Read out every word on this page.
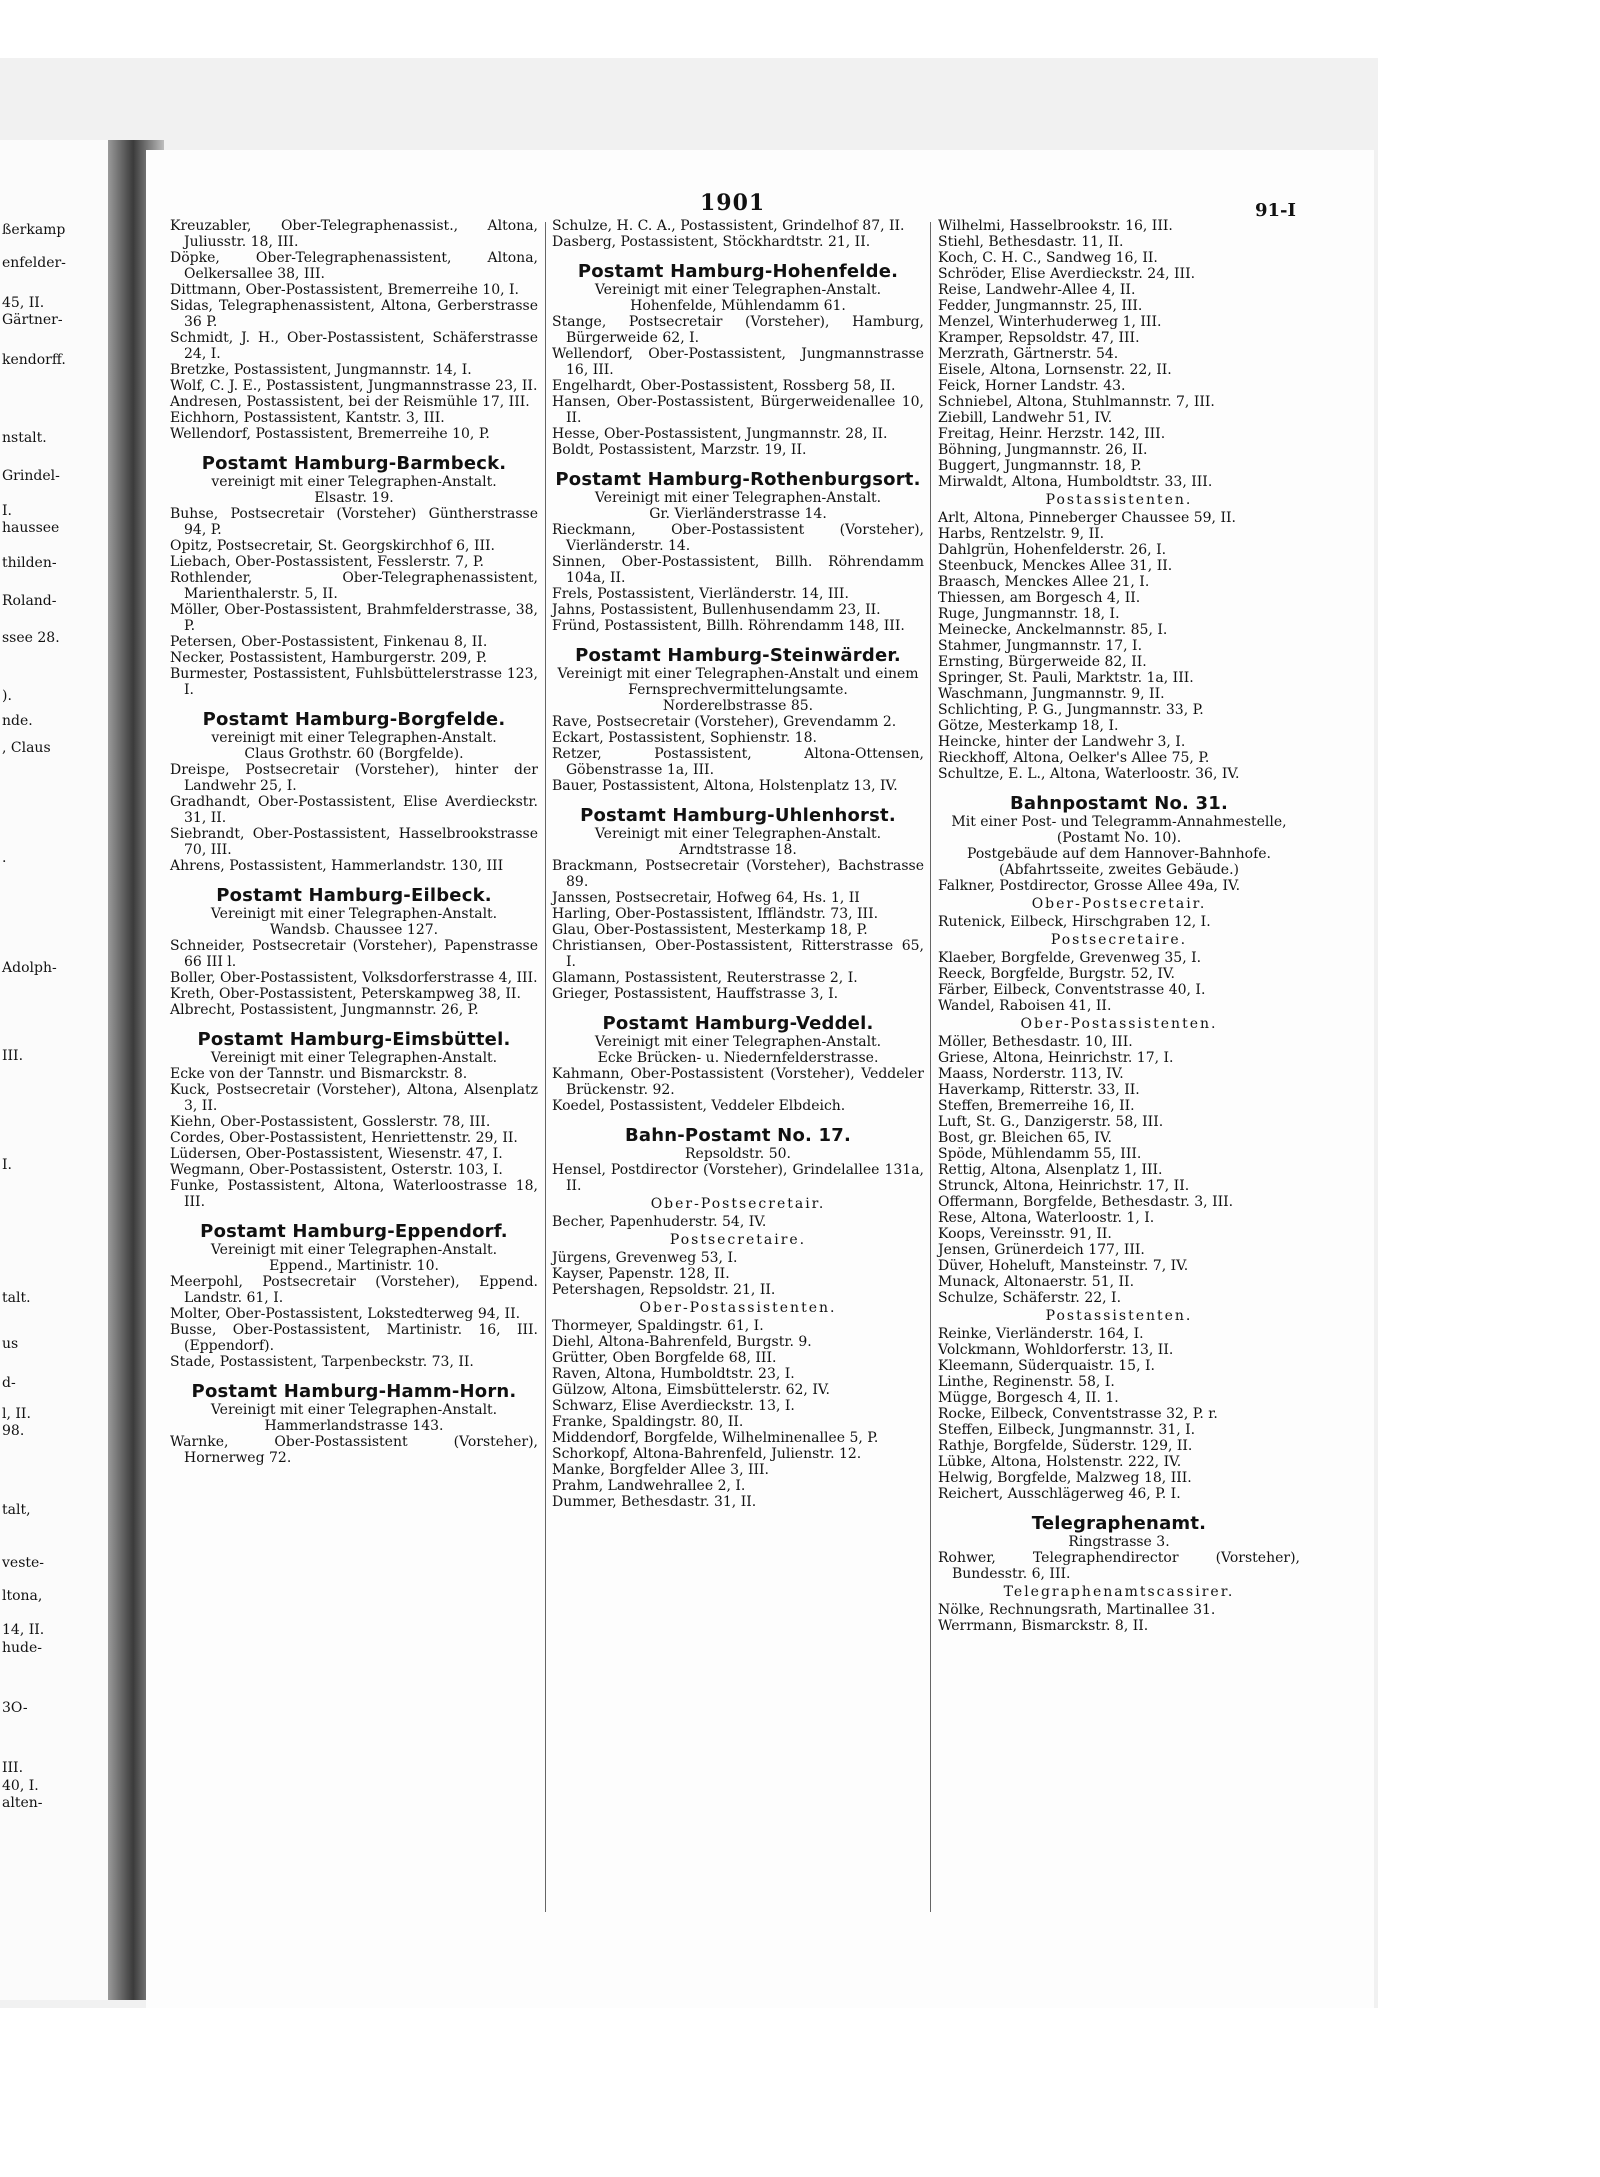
1901	91-I
ßerkamp
enfelder-
45, II.
Gärtner-
kendorff.
nstalt.
Grindel-
I.
haussee
thilden-
Roland-
ssee 28.
).
nde.
, Claus
.
Adolph-
III.
I.
talt.
us
d-
l, II.
98.
talt,
veste-
ltona,
14, II.
hude-
3O-
III.
40, I.
alten-
Kreuzabler, Ober-Telegraphenassist., Altona, Juliusstr. 18, III.
Döpke, Ober-Telegraphenassistent, Altona, Oelkersallee 38, III.
Dittmann, Ober-Postassistent, Bremerreihe 10, I.
Sidas, Telegraphenassistent, Altona, Gerberstrasse 36 P.
Schmidt, J. H., Ober-Postassistent, Schäferstrasse 24, I.
Bretzke, Postassistent, Jungmannstr. 14, I.
Wolf, C. J. E., Postassistent, Jungmannstrasse 23, II.
Andresen, Postassistent, bei der Reismühle 17, III.
Eichhorn, Postassistent, Kantstr. 3, III.
Wellendorf, Postassistent, Bremerreihe 10, P.
Postamt Hamburg-Barmbeck.
vereinigt mit einer Telegraphen-Anstalt.
Elsastr. 19.
Buhse, Postsecretair (Vorsteher) Güntherstrasse 94, P.
Opitz, Postsecretair, St. Georgskirchhof 6, III.
Liebach, Ober-Postassistent, Fesslerstr. 7, P.
Rothlender, Ober-Telegraphenassistent, Marienthalerstr. 5, II.
Möller, Ober-Postassistent, Brahmfelderstrasse, 38, P.
Petersen, Ober-Postassistent, Finkenau 8, II.
Necker, Postassistent, Hamburgerstr. 209, P.
Burmester, Postassistent, Fuhlsbüttelerstrasse 123, I.
Postamt Hamburg-Borgfelde.
vereinigt mit einer Telegraphen-Anstalt.
Claus Grothstr. 60 (Borgfelde).
Dreispe, Postsecretair (Vorsteher), hinter der Landwehr 25, I.
Gradhandt, Ober-Postassistent, Elise Averdieckstr. 31, II.
Siebrandt, Ober-Postassistent, Hasselbrookstrasse 70, III.
Ahrens, Postassistent, Hammerlandstr. 130, III
Postamt Hamburg-Eilbeck.
Vereinigt mit einer Telegraphen-Anstalt.
Wandsb. Chaussee 127.
Schneider, Postsecretair (Vorsteher), Papenstrasse 66 III l.
Boller, Ober-Postassistent, Volksdorferstrasse 4, III.
Kreth, Ober-Postassistent, Peterskampweg 38, II.
Albrecht, Postassistent, Jungmannstr. 26, P.
Postamt Hamburg-Eimsbüttel.
Vereinigt mit einer Telegraphen-Anstalt.
Ecke von der Tannstr. und Bismarckstr. 8.
Kuck, Postsecretair (Vorsteher), Altona, Alsenplatz 3, II.
Kiehn, Ober-Postassistent, Gosslerstr. 78, III.
Cordes, Ober-Postassistent, Henriettenstr. 29, II.
Lüdersen, Ober-Postassistent, Wiesenstr. 47, I.
Wegmann, Ober-Postassistent, Osterstr. 103, I.
Funke, Postassistent, Altona, Waterloostrasse 18, III.
Postamt Hamburg-Eppendorf.
Vereinigt mit einer Telegraphen-Anstalt.
Eppend., Martinistr. 10.
Meerpohl, Postsecretair (Vorsteher), Eppend. Landstr. 61, I.
Molter, Ober-Postassistent, Lokstedterweg 94, II.
Busse, Ober-Postassistent, Martinistr. 16, III. (Eppendorf).
Stade, Postassistent, Tarpenbeckstr. 73, II.
Postamt Hamburg-Hamm-Horn.
Vereinigt mit einer Telegraphen-Anstalt.
Hammerlandstrasse 143.
Warnke, Ober-Postassistent (Vorsteher), Hornerweg 72.
Schulze, H. C. A., Postassistent, Grindelhof 87, II.
Dasberg, Postassistent, Stöckhardtstr. 21, II.
Postamt Hamburg-Hohenfelde.
Vereinigt mit einer Telegraphen-Anstalt.
Hohenfelde, Mühlendamm 61.
Stange, Postsecretair (Vorsteher), Hamburg, Bürgerweide 62, I.
Wellendorf, Ober-Postassistent, Jungmannstrasse 16, III.
Engelhardt, Ober-Postassistent, Rossberg 58, II.
Hansen, Ober-Postassistent, Bürgerweidenallee 10, II.
Hesse, Ober-Postassistent, Jungmannstr. 28, II.
Boldt, Postassistent, Marzstr. 19, II.
Postamt Hamburg-Rothenburgsort.
Vereinigt mit einer Telegraphen-Anstalt.
Gr. Vierländerstrasse 14.
Rieckmann, Ober-Postassistent (Vorsteher), Vierländerstr. 14.
Sinnen, Ober-Postassistent, Billh. Röhrendamm 104a, II.
Frels, Postassistent, Vierländerstr. 14, III.
Jahns, Postassistent, Bullenhusendamm 23, II.
Fründ, Postassistent, Billh. Röhrendamm 148, III.
Postamt Hamburg-Steinwärder.
Vereinigt mit einer Telegraphen-Anstalt und einem Fernsprechvermittelungsamte.
Norderelbstrasse 85.
Rave, Postsecretair (Vorsteher), Grevendamm 2.
Eckart, Postassistent, Sophienstr. 18.
Retzer, Postassistent, Altona-Ottensen, Göbenstrasse 1a, III.
Bauer, Postassistent, Altona, Holstenplatz 13, IV.
Postamt Hamburg-Uhlenhorst.
Vereinigt mit einer Telegraphen-Anstalt.
Arndtstrasse 18.
Brackmann, Postsecretair (Vorsteher), Bachstrasse 89.
Janssen, Postsecretair, Hofweg 64, Hs. 1, II
Harling, Ober-Postassistent, Iffländstr. 73, III.
Glau, Ober-Postassistent, Mesterkamp 18, P.
Christiansen, Ober-Postassistent, Ritterstrasse 65, I.
Glamann, Postassistent, Reuterstrasse 2, I.
Grieger, Postassistent, Hauffstrasse 3, I.
Postamt Hamburg-Veddel.
Vereinigt mit einer Telegraphen-Anstalt.
Ecke Brücken- u. Niedernfelderstrasse.
Kahmann, Ober-Postassistent (Vorsteher), Veddeler Brückenstr. 92.
Koedel, Postassistent, Veddeler Elbdeich.
Bahn-Postamt No. 17.
Repsoldstr. 50.
Hensel, Postdirector (Vorsteher), Grindelallee 131a, II.
Ober-Postsecretair.
Becher, Papenhuderstr. 54, IV.
Postsecretaire.
Jürgens, Grevenweg 53, I.
Kayser, Papenstr. 128, II.
Petershagen, Repsoldstr. 21, II.
Ober-Postassistenten.
Thormeyer, Spaldingstr. 61, I.
Diehl, Altona-Bahrenfeld, Burgstr. 9.
Grütter, Oben Borgfelde 68, III.
Raven, Altona, Humboldtstr. 23, I.
Gülzow, Altona, Eimsbüttelerstr. 62, IV.
Schwarz, Elise Averdieckstr. 13, I.
Franke, Spaldingstr. 80, II.
Middendorf, Borgfelde, Wilhelminenallee 5, P.
Schorkopf, Altona-Bahrenfeld, Julienstr. 12.
Manke, Borgfelder Allee 3, III.
Prahm, Landwehrallee 2, I.
Dummer, Bethesdastr. 31, II.
Wilhelmi, Hasselbrookstr. 16, III.
Stiehl, Bethesdastr. 11, II.
Koch, C. H. C., Sandweg 16, II.
Schröder, Elise Averdieckstr. 24, III.
Reise, Landwehr-Allee 4, II.
Fedder, Jungmannstr. 25, III.
Menzel, Winterhuderweg 1, III.
Kramper, Repsoldstr. 47, III.
Merzrath, Gärtnerstr. 54.
Eisele, Altona, Lornsenstr. 22, II.
Feick, Horner Landstr. 43.
Schniebel, Altona, Stuhlmannstr. 7, III.
Ziebill, Landwehr 51, IV.
Freitag, Heinr. Herzstr. 142, III.
Böhning, Jungmannstr. 26, II.
Buggert, Jungmannstr. 18, P.
Mirwaldt, Altona, Humboldtstr. 33, III.
Postassistenten.
Arlt, Altona, Pinneberger Chaussee 59, II.
Harbs, Rentzelstr. 9, II.
Dahlgrün, Hohenfelderstr. 26, I.
Steenbuck, Menckes Allee 31, II.
Braasch, Menckes Allee 21, I.
Thiessen, am Borgesch 4, II.
Ruge, Jungmannstr. 18, I.
Meinecke, Anckelmannstr. 85, I.
Stahmer, Jungmannstr. 17, I.
Ernsting, Bürgerweide 82, II.
Springer, St. Pauli, Marktstr. 1a, III.
Waschmann, Jungmannstr. 9, II.
Schlichting, P. G., Jungmannstr. 33, P.
Götze, Mesterkamp 18, I.
Heincke, hinter der Landwehr 3, I.
Rieckhoff, Altona, Oelker's Allee 75, P.
Schultze, E. L., Altona, Waterloostr. 36, IV.
Bahnpostamt No. 31.
Mit einer Post- und Telegramm-Annahmestelle, (Postamt No. 10).
Postgebäude auf dem Hannover-Bahnhofe.
(Abfahrtsseite, zweites Gebäude.)
Falkner, Postdirector, Grosse Allee 49a, IV.
Ober-Postsecretair.
Rutenick, Eilbeck, Hirschgraben 12, I.
Postsecretaire.
Klaeber, Borgfelde, Grevenweg 35, I.
Reeck, Borgfelde, Burgstr. 52, IV.
Färber, Eilbeck, Conventstrasse 40, I.
Wandel, Raboisen 41, II.
Ober-Postassistenten.
Möller, Bethesdastr. 10, III.
Griese, Altona, Heinrichstr. 17, I.
Maass, Norderstr. 113, IV.
Haverkamp, Ritterstr. 33, II.
Steffen, Bremerreihe 16, II.
Luft, St. G., Danzigerstr. 58, III.
Bost, gr. Bleichen 65, IV.
Spöde, Mühlendamm 55, III.
Rettig, Altona, Alsenplatz 1, III.
Strunck, Altona, Heinrichstr. 17, II.
Offermann, Borgfelde, Bethesdastr. 3, III.
Rese, Altona, Waterloostr. 1, I.
Koops, Vereinsstr. 91, II.
Jensen, Grünerdeich 177, III.
Düver, Hoheluft, Mansteinstr. 7, IV.
Munack, Altonaerstr. 51, II.
Schulze, Schäferstr. 22, I.
Postassistenten.
Reinke, Vierländerstr. 164, I.
Volckmann, Wohldorferstr. 13, II.
Kleemann, Süderquaistr. 15, I.
Linthe, Reginenstr. 58, I.
Mügge, Borgesch 4, II. 1.
Rocke, Eilbeck, Conventstrasse 32, P. r.
Steffen, Eilbeck, Jungmannstr. 31, I.
Rathje, Borgfelde, Süderstr. 129, II.
Lübke, Altona, Holstenstr. 222, IV.
Helwig, Borgfelde, Malzweg 18, III.
Reichert, Ausschlägerweg 46, P. I.
Telegraphenamt.
Ringstrasse 3.
Rohwer, Telegraphendirector (Vorsteher), Bundesstr. 6, III.
Telegraphenamtscassirer.
Nölke, Rechnungsrath, Martinallee 31.
Werrmann, Bismarckstr. 8, II.
